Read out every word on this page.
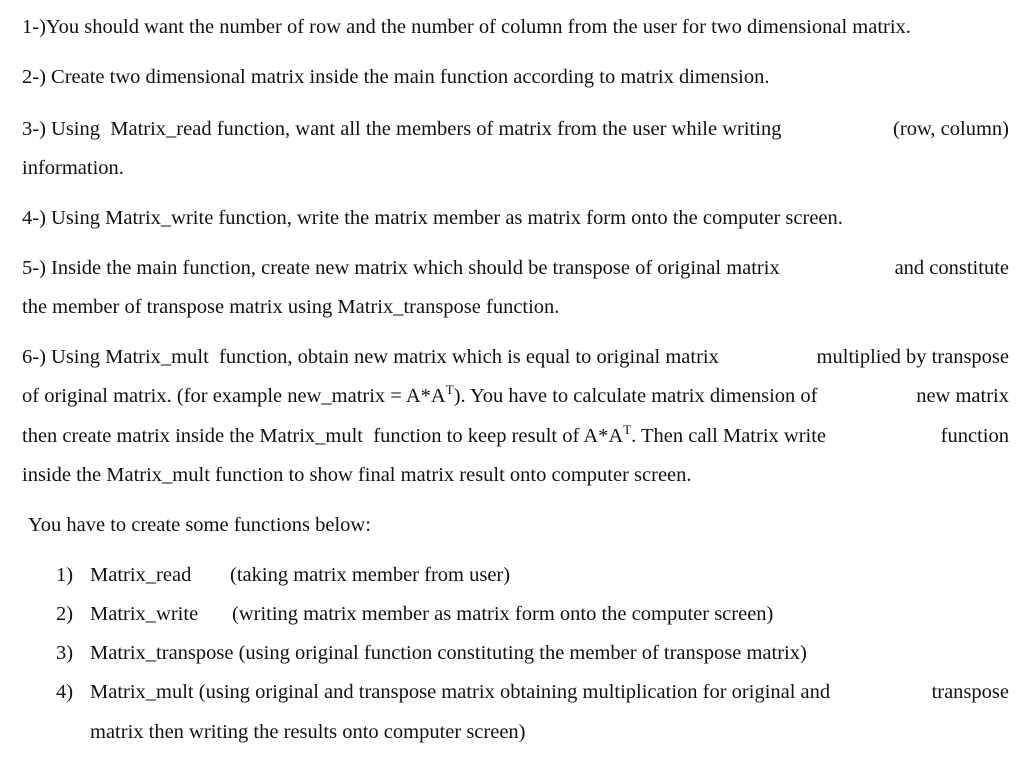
1-)You should want the number of row and the number of column from the user for two dimensional matrix.
2-) Create two dimensional matrix inside the main function according to matrix dimension.
3-) Using  Matrix_read function, want all the members of matrix from the user while writing	(row, column)
information.
4-) Using Matrix_write function, write the matrix member as matrix form onto the computer screen.
5-) Inside the main function, create new matrix which should be transpose of original matrix	and constitute
the member of transpose matrix using Matrix_transpose function.
6-) Using Matrix_mult  function, obtain new matrix which is equal to original matrix	multiplied by transpose
of original matrix. (for example new_matrix = $A*A^T$). You have to calculate matrix dimension of	new matrix
then create matrix inside the Matrix_mult  function to keep result of $A*A^T$. Then call Matrix write	function
inside the Matrix_mult function to show final matrix result onto computer screen.
You have to create some functions below:
1) Matrix_read (taking matrix member from user)
2) Matrix_write (writing matrix member as matrix form onto the computer screen)
3) Matrix_transpose (using original function constituting the member of transpose matrix)
4) Matrix_mult (using original and transpose matrix obtaining multiplication for original and	transpose
matrix then writing the results onto computer screen)
